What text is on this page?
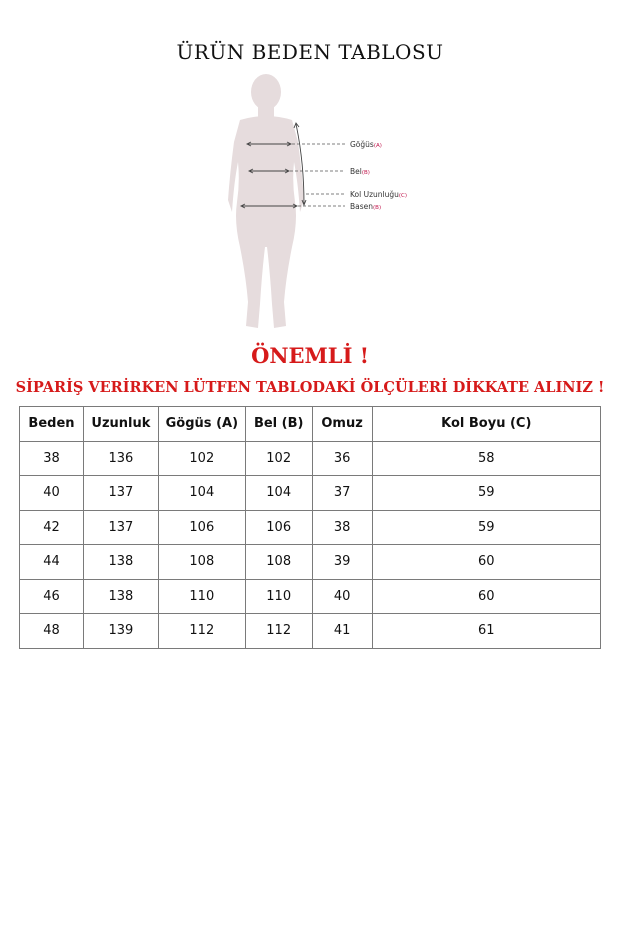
ÜRÜN BEDEN TABLOSU
Göğüs(A)
Bel(B)
Kol Uzunluğu(C)
Basen(B)
ÖNEMLİ !
SİPARİŞ VERİRKEN LÜTFEN TABLODAKİ ÖLÇÜLERİ DİKKATE ALINIZ !
Beden	Uzunluk	Gögüs (A)	Bel (B)	Omuz	Kol Boyu (C)
38	136	102	102	36	58
40	137	104	104	37	59
42	137	106	106	38	59
44	138	108	108	39	60
46	138	110	110	40	60
48	139	112	112	41	61
